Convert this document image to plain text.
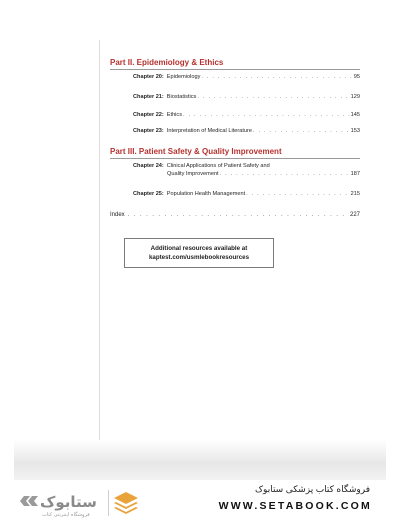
Part II. Epidemiology & Ethics
Chapter 20: Epidemiology . . .	95
Chapter 21: Biostatistics . . .	129
Chapter 22: Ethics . . .	145
Chapter 23: Interpretation of Medical Literature . . .	153
Part III. Patient Safety & Quality Improvement
Chapter 24: Clinical Applications of Patient Safety and
Quality Improvement . . .	187
Chapter 25: Population Health Management . . .	215
Index . . .	227
Additional resources available at
kaptest.com/usmlebookresources
ستابوک
فروشگاه اینترنتی کتاب
فروشگاه کتاب پزشکی ستابوک
WWW.SETABOOK.COM
